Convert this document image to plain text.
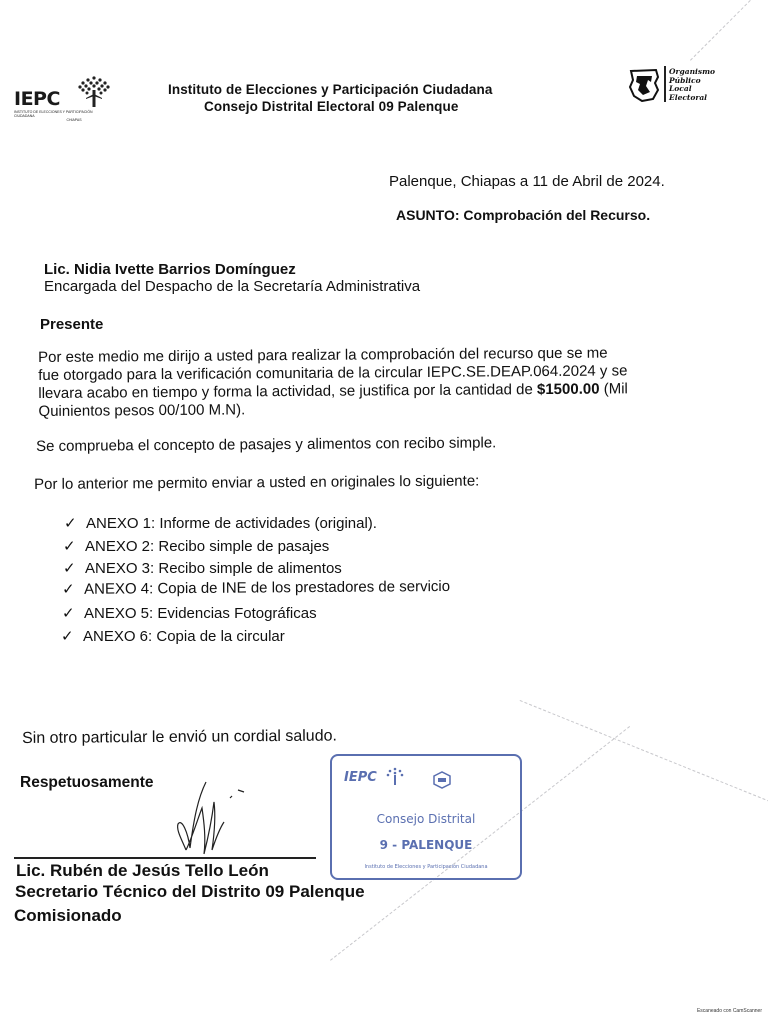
IEPC
INSTITUTO DE ELECCIONES Y PARTICIPACIÓN CIUDADANA
CHIAPAS
Instituto de Elecciones y Participación Ciudadana
Consejo Distrital Electoral 09 Palenque
Organismo
Público
Local
Electoral
Palenque, Chiapas a 11 de Abril de 2024.
ASUNTO: Comprobación del Recurso.
Lic. Nidia Ivette Barrios Domínguez
Encargada del Despacho de la Secretaría Administrativa
Presente
Por este medio me dirijo a usted para realizar la comprobación del recurso que se me
fue otorgado para la verificación comunitaria de la circular IEPC.SE.DEAP.064.2024 y se
llevara acabo en tiempo y forma la actividad, se justifica por la cantidad de $1500.00 (Mil
Quinientos pesos 00/100 M.N).
Se comprueba el concepto de pasajes y alimentos con recibo simple.
Por lo anterior me permito enviar a usted en originales lo siguiente:
✓ ANEXO 1: Informe de actividades (original).
✓ ANEXO 2: Recibo simple de pasajes
✓ ANEXO 3: Recibo simple de alimentos
✓ ANEXO 4: Copia de INE de los prestadores de servicio
✓ ANEXO 5: Evidencias Fotográficas
✓ ANEXO 6: Copia de la circular
Sin otro particular le envió un cordial saludo.
Respetuosamente
Lic. Rubén de Jesús Tello León
Secretario Técnico del Distrito 09 Palenque
Comisionado
IEPC
Consejo Distrital
9 - PALENQUE
Instituto de Elecciones y Participación Ciudadana
Escaneado con CamScanner
